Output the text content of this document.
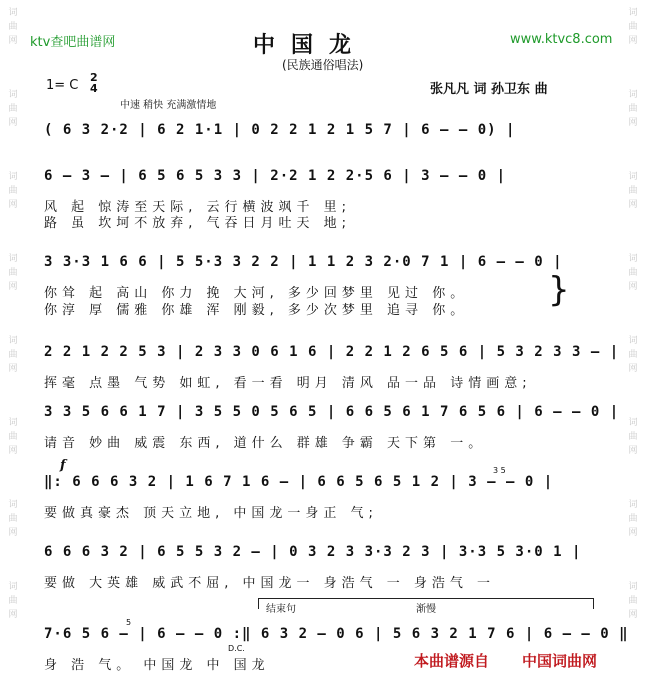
词
曲
网
词
曲
网
词
曲
网
词
曲
网
词
曲
网
词
曲
网
词
曲
网
词
曲
网
词
曲
网
词
曲
网
词
曲
网
词
曲
网
词
曲
网
词
曲
网
词
曲
网
词
曲
网
ktv查吧曲谱网	中国龙	www.ktvc8.com
(民族通俗唱法)
1= C
2
4	张凡凡 词 孙卫东 曲
中速 稍快 充满激情地
( 6 3 2·2 | 6 2 1·1 | 0 2 2 1 2 1 5 7 | 6 — — 0) |
6 — 3 — | 6 5 6 5 3 3 | 2·2 1 2 2·5 6 | 3 — — 0 |
风 起 惊涛至天际, 云行横波飒千 里;
路 虽 坎坷不放弃, 气吞日月吐天 地;
3 3·3 1 6 6 | 5 5·3 3 2 2 | 1 1 2 3 2·0 7 1 | 6 — — 0 |
你耸 起 高山 你力 挽 大河, 多少回梦里 见过 你。
你淳 厚 儒雅 你雄 浑 刚毅, 多少次梦里 追寻 你。
}
2 2 1 2 2 5 3 | 2 3 3 0 6 1 6 | 2 2 1 2 6 5 6 | 5 3 2 3 3 — |
挥毫 点墨 气势 如虹, 看一看 明月 清风 品一品 诗情画意;
3 3 5 6 6 1 7 | 3 5 5 0 5 6 5 | 6 6 5 6 1 7 6 5 6 | 6 — — 0 |
请音 妙曲 威震 东西, 道什么 群雄 争霸 天下第 一。
f
‖: 6 6 6 3 2 | 1 6 7 1 6 — | 6 6 5 6 5 1 2 | 3 — — 0 |
3 5
要做真豪杰 顶天立地, 中国龙一身正 气;
6 6 6 3 2 | 6 5 5 3 2 — | 0 3 2 3 3·3 2 3 | 3·3 5 3·0 1 |
要做 大英雄 威武不屈, 中国龙一 身浩气 一 身浩气 一
结束句	渐慢
7·6 5 6 — | 6 — — 0 :‖ 6 3 2 — 0 6 | 5 6 3 2 1 7 6 | 6 — — 0 ‖
5
D.C.
身 浩 气。 中国龙 中 国龙	本曲谱源自 中国词曲网
